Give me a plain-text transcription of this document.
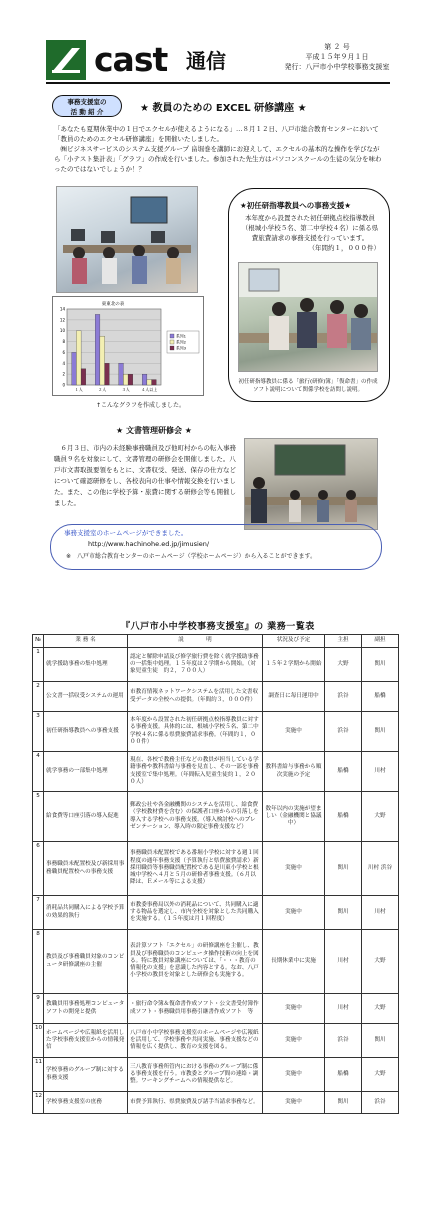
cast 通信
第 ２ 号
平成１５年９月１日
発行：八戸市小中学校事務支援室
事務支援室の
活 動 紹 介	★ 教員のための EXCEL 研修講座 ★
「あなたも夏期休業中の１日でエクセルが使えるようになる」…８月１２日、八戸市総合教育センターにおいて「教員のためのエクセル研修講座」を開催いたしました。
　㈱ビジネスサービスのシステム支援グループ 畠堀巻を講師にお迎えして、エクセルの基本的な操作を学びながら「小テスト集計表」「グラフ」の作成を行いました。参加された先生方はパソコンスクールの生徒の気分を味わったのではないでしょうか！？
★初任研指導教員への事務支援★
本年度から設置された初任研拠点校指導教員（根城小学校５名、第二中学校４名）に係る県費旅費請求の事務支援を行っています。
（年間約１，０００件）
初任研指導教員に係る「旅行(研修)簿」「復命書」の作成ソフト説明について関係学校を訪問し説明。
東東北の表
１人	２人	３人	４人以上
0
2
4
6
8
10
12
14
系列1
系列2
系列3
↑こんなグラフを作成しました。
★ 文書管理研修会 ★
　６月３日、市内の未経験事務職員及び他町村からの転入事務職員９名を対象にして、文書管理の研修会を開催しました。八戸市文書取扱要領をもとに、文書収受、発送、保存の仕方などについて確認研修をし、各校表向の仕事や情報交換を行いました。また、この他に学校予算・旅費に関する研修会等も開催しました。
事務支援室のホームページができました。
http://www.hachinohe.ed.jp/jimusien/
※　八戸市総合教育センターのホームページ（学校ホームページ）から入ることができます。
『八戸市小中学校事務支援室』の 業務一覧表
№	業 務 名	説　　　　明	状況及び予定	主担	副担
1	就学援助事務の集中処理	認定と解除申請及び修学旅行費を除く就学援助事務の一括集中処理。１５年度は２学期から開始。（対象児童生徒　約２，７００人）	１５年２学期から開始	大野	関川
2	公文書一括収受システムの運用	市教育情報ネットワークシステムを活用した文書収受データの全校への提供。（年間約３，０００件）	調査日に毎日運用中	浜谷	船橋
3	初任研指導教員への事務支援	本年度から設置された初任研拠点校指導教員に対する事務支援。具体的には、根城小学校５名、第二中学校４名に係る県費旅費請求事務。（年間約１，０００件）	実施中	浜谷	関川
4	就学事務の一部集中処理	現在、各校で教務主任などの教員が担当している学籍事務や教科書給与事務を見直し、その一部を事務支援室で集中処理。（年間転入児童生徒約１，２００人）	教科書給与事務から順次実施の予定	船橋	川村
5	給食費等口座引落の導入促進	郵政公社や各金融機関のシステムを活用し、給食費（学校教材費を含む）の保護者口座からの引落しを導入する学校への事務支援。（導入検討校へのプレゼンテーション、導入時の限定事務支援など）	数年以内の実施が望ましい（金融機関と協議中）	船橋	大野
6	事務職員未配置校及び新採用事務職員配置校への事務支援	事務職員未配置校である番堀小学校に対する週１回程度の通年事務支援（予算執行と県費旅費請求）新採用職員等事務職員配置校である是川東小学校と根城中学校へ４月と５月の研修者事務支援。（６月以降は、Ｅメール等による支援）	実施中	関川	川村 浜谷
7	消耗品共同購入による学校予算の効果的執行	市教委事務局以外の消耗品について、共同購入に適する物品を選定し、市内全校を対象とした共同購入を実施する。（１５年度は月１回程度）	実施中	関川	川村
8	教員及び事務職員対象のコンピュータ研修講座の主催	表計算ソフト「エクセル」の研修講座を主催し、教員及び事務職員のコンピュータ操作技術の向上を図る。特に教員対象講座については、「・・・教育の情報化の支援」を意識した内容とする。なお、八戸小学校の教員を対象とした研修会も実施する。	長期休業中に実施	川村	大野
9	教職員用事務処理コンピュータソフトの開発と提供	・旅行命令簿＆復命書作成ソフト・公文書受付簿作成ソフト・事務職員用事務引継書作成ソフト　等	実施中	川村	大野
10	ホームページや広報紙を活用した学校事務支援室からの情報発信	八戸市小中学校事務支援室のホームページや広報紙を活用して、学校事務や共同実施、事務支援などの情報を広く提供し、教育の支援を図る。	実施中	浜谷	関川
11	学校事務のグループ制に対する事務支援	三八教育事務所管内における事務のグループ制に係る事務支援を行う。市教委とグループ間の連絡・調整。ワーキングチームへの情報提供など。	実施中	船橋	大野
12	学校事務支援室の庶務	市費予算執行、県費旅費及び諸手当請求事務など。	実施中	関川	浜谷
